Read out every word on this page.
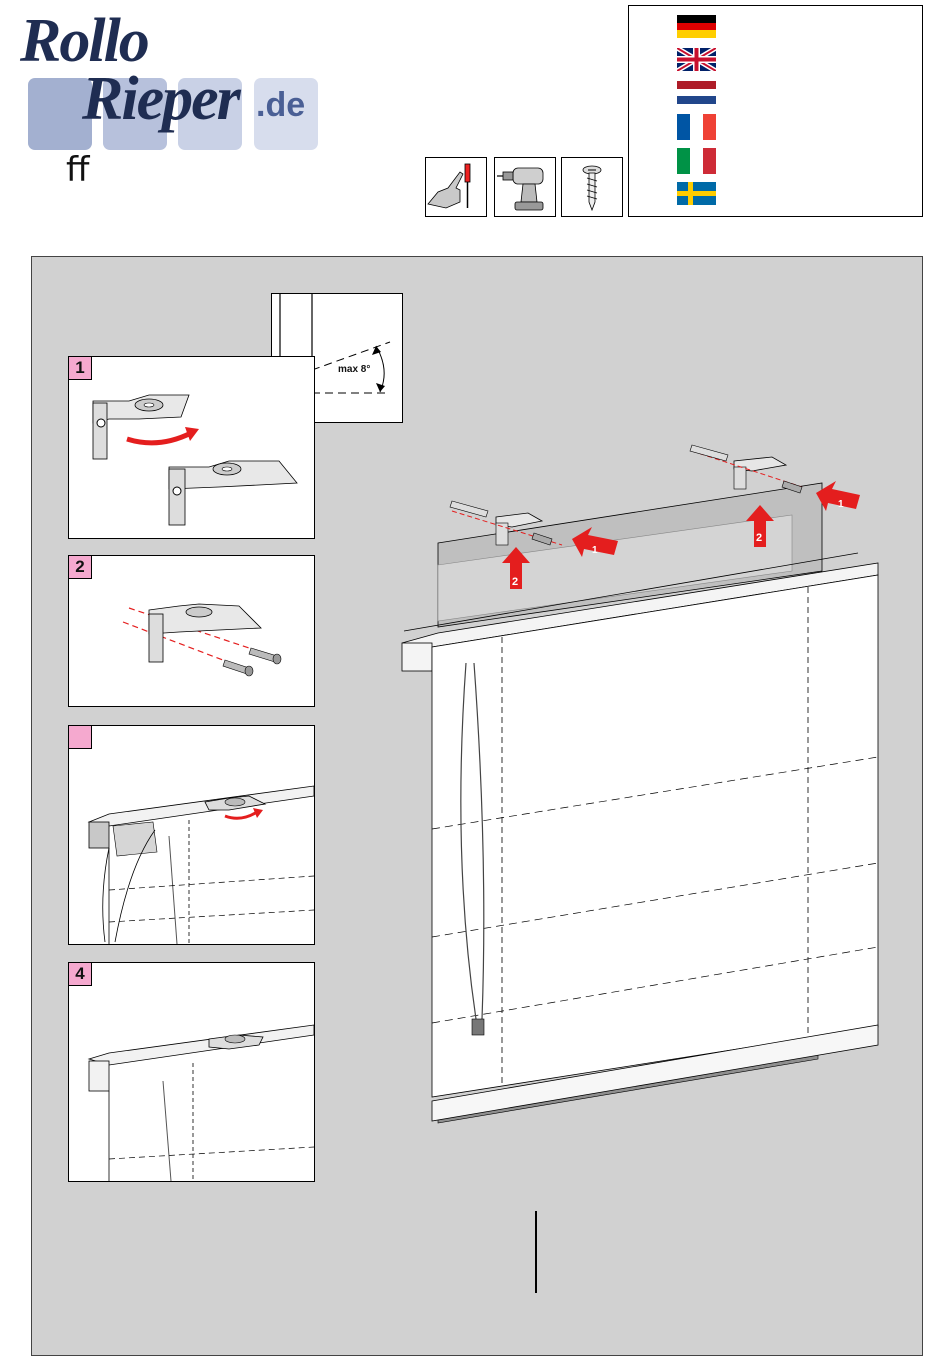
Rollo
Rieper .de
ff
max 8°
1
2
4
1
1
2
2
